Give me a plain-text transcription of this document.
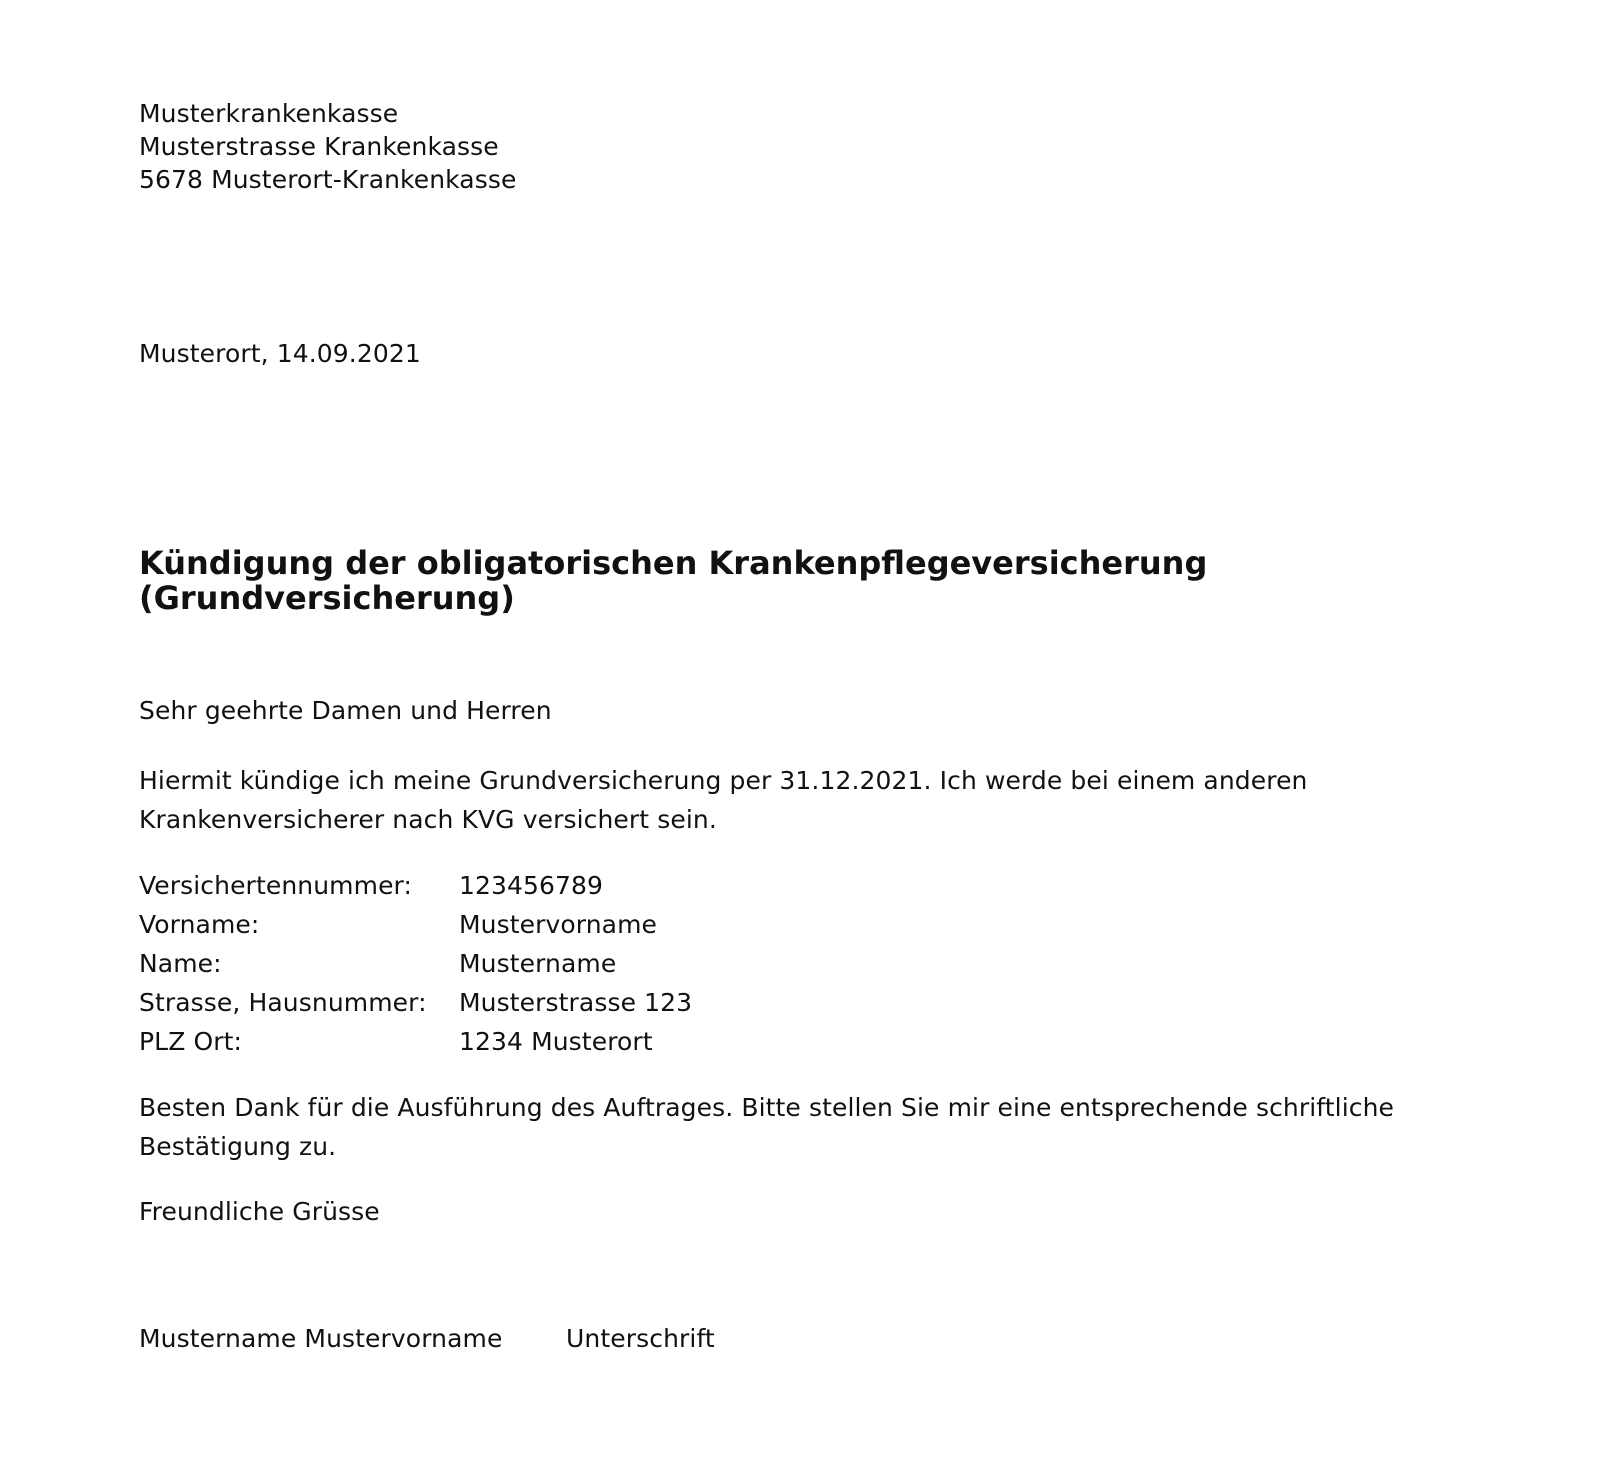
Musterkrankenkasse
Musterstrasse Krankenkasse
5678 Musterort-Krankenkasse
Musterort, 14.09.2021
Kündigung der obligatorischen Krankenpflegeversicherung
(Grundversicherung)
Sehr geehrte Damen und Herren
Hiermit kündige ich meine Grundversicherung per 31.12.2021. Ich werde bei einem anderen
Krankenversicherer nach KVG versichert sein.
Versichertennummer:	123456789
Vorname:	Mustervorname
Name:	Mustername
Strasse, Hausnummer:	Musterstrasse 123
PLZ Ort:	1234 Musterort
Besten Dank für die Ausführung des Auftrages. Bitte stellen Sie mir eine entsprechende schriftliche
Bestätigung zu.
Freundliche Grüsse
Mustername Mustervorname	Unterschrift
